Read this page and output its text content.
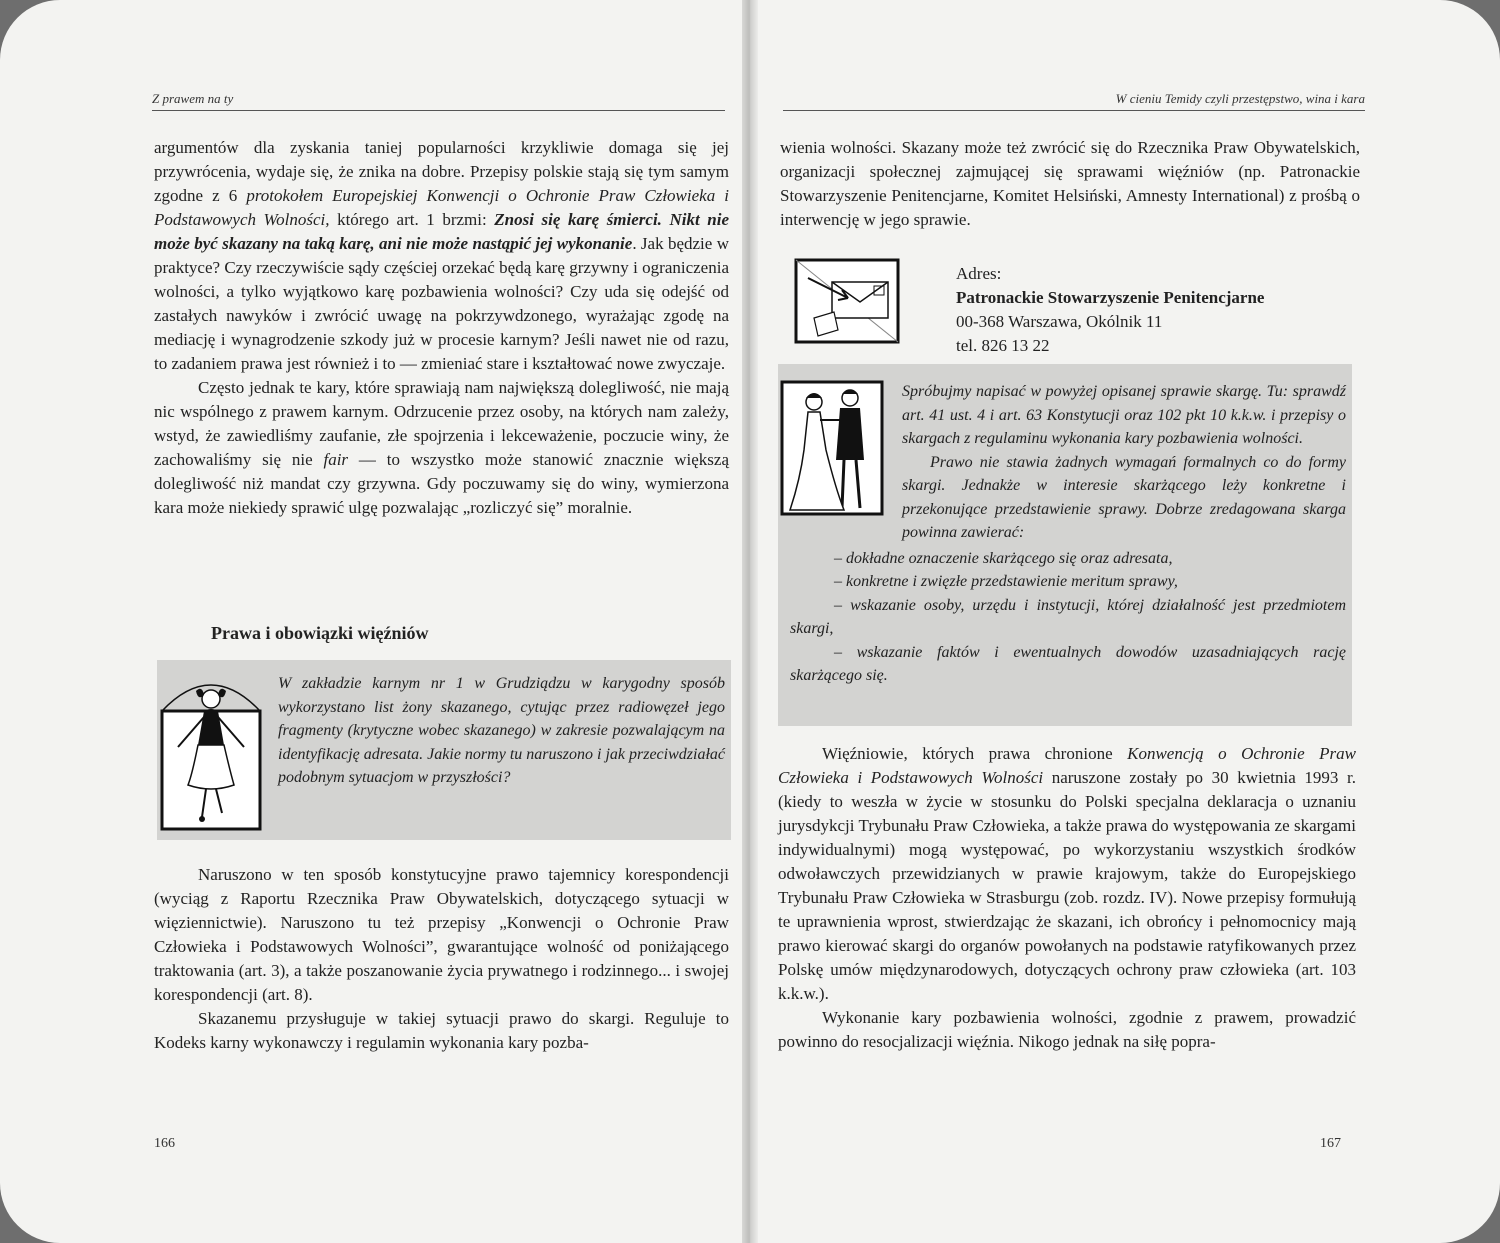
Z prawem na ty

argumentów dla zyskania taniej popularności krzykliwie domaga się jej przywrócenia, wydaje się, że znika na dobre. Przepisy polskie stają się tym samym zgodne z 6 protokołem Europejskiej Konwencji o Ochronie Praw Człowieka i Podstawowych Wolności, którego art. 1 brzmi: Znosi się karę śmierci. Nikt nie może być skazany na taką karę, ani nie może nastąpić jej wykonanie. Jak będzie w praktyce? Czy rzeczywiście sądy częściej orzekać będą karę grzywny i ograniczenia wolności, a tylko wyjątkowo karę pozbawienia wolności? Czy uda się odejść od zastałych nawyków i zwrócić uwagę na pokrzywdzonego, wyrażając zgodę na mediację i wynagrodzenie szkody już w procesie karnym? Jeśli nawet nie od razu, to zadaniem prawa jest również i to — zmieniać stare i kształtować nowe zwyczaje.

Często jednak te kary, które sprawiają nam największą dolegliwość, nie mają nic wspólnego z prawem karnym. Odrzucenie przez osoby, na których nam zależy, wstyd, że zawiedliśmy zaufanie, złe spojrzenia i lekceważenie, poczucie winy, że zachowaliśmy się nie fair — to wszystko może stanowić znacznie większą dolegliwość niż mandat czy grzywna. Gdy poczuwamy się do winy, wymierzona kara może niekiedy sprawić ulgę pozwalając „rozliczyć się” moralnie.

Prawa i obowiązki więźniów
W zakładzie karnym nr 1 w Grudziądzu w karygodny sposób wykorzystano list żony skazanego, cytując przez radiowęzeł jego fragmenty (krytyczne wobec skazanego) w zakresie pozwalającym na identyfikację adresata. Jakie normy tu naruszono i jak przeciwdziałać podobnym sytuacjom w przyszłości?

Naruszono w ten sposób konstytucyjne prawo tajemnicy korespondencji (wyciąg z Raportu Rzecznika Praw Obywatelskich, dotyczącego sytuacji w więziennictwie). Naruszono tu też przepisy „Konwencji o Ochronie Praw Człowieka i Podstawowych Wolności”, gwarantujące wolność od poniżającego traktowania (art. 3), a także poszanowanie życia prywatnego i rodzinnego... i swojej korespondencji (art. 8).

Skazanemu przysługuje w takiej sytuacji prawo do skargi. Reguluje to Kodeks karny wykonawczy i regulamin wykonania kary pozba-

166
W cieniu Temidy czyli przestępstwo, wina i kara

wienia wolności. Skazany może też zwrócić się do Rzecznika Praw Obywatelskich, organizacji społecznej zajmującej się sprawami więźniów (np. Patronackie Stowarzyszenie Penitencjarne, Komitet Helsiński, Amnesty International) z prośbą o interwencję w jego sprawie.

Adres:
Patronackie Stowarzyszenie Penitencjarne
00-368 Warszawa, Okólnik 11
tel. 826 13 22

Spróbujmy napisać w powyżej opisanej sprawie skargę. Tu: sprawdź art. 41 ust. 4 i art. 63 Konstytucji oraz 102 pkt 10 k.k.w. i przepisy o skargach z regulaminu wykonania kary pozbawienia wolności.

Prawo nie stawia żadnych wymagań formalnych co do formy skargi. Jednakże w interesie skarżącego leży konkretne i przekonujące przedstawienie sprawy. Dobrze zredagowana skarga powinna zawierać:

– dokładne oznaczenie skarżącego się oraz adresata,

– konkretne i zwięzłe przedstawienie meritum sprawy,

– wskazanie osoby, urzędu i instytucji, której działalność jest przedmiotem skargi,

– wskazanie faktów i ewentualnych dowodów uzasadniających rację skarżącego się.

Więźniowie, których prawa chronione Konwencją o Ochronie Praw Człowieka i Podstawowych Wolności naruszone zostały po 30 kwietnia 1993 r. (kiedy to weszła w życie w stosunku do Polski specjalna deklaracja o uznaniu jurysdykcji Trybunału Praw Człowieka, a także prawa do występowania ze skargami indywidualnymi) mogą występować, po wykorzystaniu wszystkich środków odwoławczych przewidzianych w prawie krajowym, także do Europejskiego Trybunału Praw Człowieka w Strasburgu (zob. rozdz. IV). Nowe przepisy formułują te uprawnienia wprost, stwierdzając że skazani, ich obrońcy i pełnomocnicy mają prawo kierować skargi do organów powołanych na podstawie ratyfikowanych przez Polskę umów międzynarodowych, dotyczących ochrony praw człowieka (art. 103 k.k.w.).

Wykonanie kary pozbawienia wolności, zgodnie z prawem, prowadzić powinno do resocjalizacji więźnia. Nikogo jednak na siłę popra-

167
